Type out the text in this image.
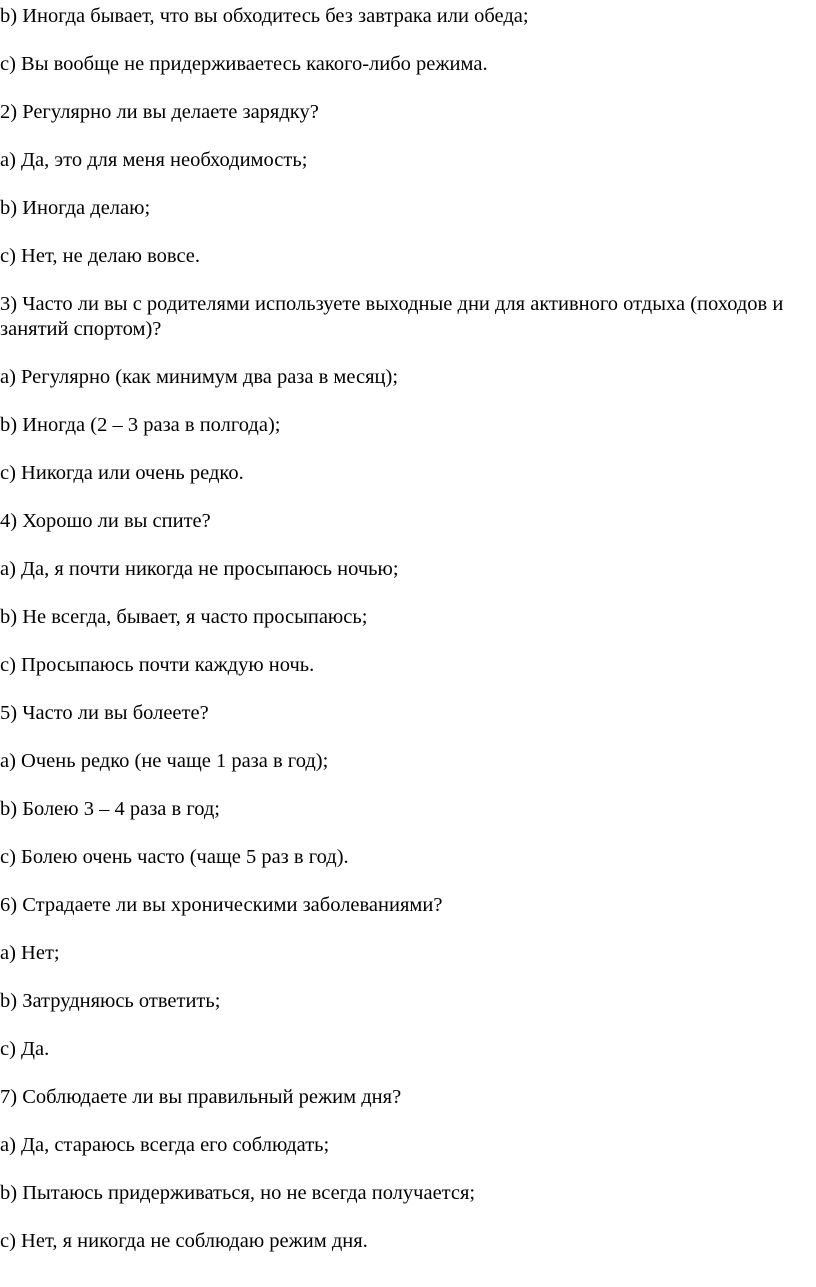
b) Иногда бывает, что вы обходитесь без завтрака или обеда;
c) Вы вообще не придерживаетесь какого-либо режима.
2) Регулярно ли вы делаете зарядку?
a) Да, это для меня необходимость;
b) Иногда делаю;
c) Нет, не делаю вовсе.
3) Часто ли вы с родителями используете выходные дни для активного отдыха (походов и занятий спортом)?
a) Регулярно (как минимум два раза в месяц);
b) Иногда (2 – 3 раза в полгода);
c) Никогда или очень редко.
4) Хорошо ли вы спите?
a) Да, я почти никогда не просыпаюсь ночью;
b) Не всегда, бывает, я часто просыпаюсь;
c) Просыпаюсь почти каждую ночь.
5) Часто ли вы болеете?
a) Очень редко (не чаще 1 раза в год);
b) Болею 3 – 4 раза в год;
c) Болею очень часто (чаще 5 раз в год).
6) Страдаете ли вы хроническими заболеваниями?
a) Нет;
b) Затрудняюсь ответить;
c) Да.
7) Соблюдаете ли вы правильный режим дня?
a) Да, стараюсь всегда его соблюдать;
b) Пытаюсь придерживаться, но не всегда получается;
c) Нет, я никогда не соблюдаю режим дня.
